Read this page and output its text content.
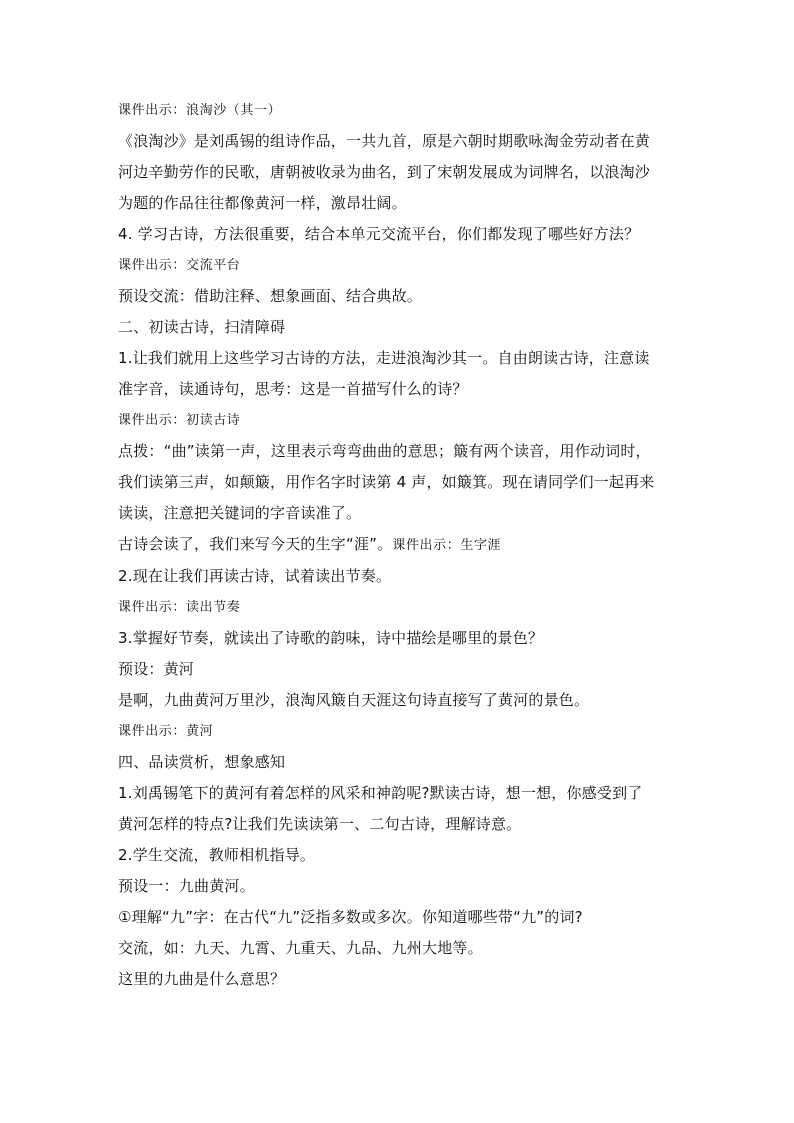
课件出示：浪淘沙（其一）
《浪淘沙》是刘禹锡的组诗作品，一共九首，原是六朝时期歌咏淘金劳动者在黄
河边辛勤劳作的民歌，唐朝被收录为曲名，到了宋朝发展成为词牌名，以浪淘沙
为题的作品往往都像黄河一样，激昂壮阔。
4. 学习古诗，方法很重要，结合本单元交流平台，你们都发现了哪些好方法？
课件出示：交流平台
预设交流：借助注释、想象画面、结合典故。
二、初读古诗，扫清障碍
1.让我们就用上这些学习古诗的方法，走进浪淘沙其一。自由朗读古诗，注意读
准字音，读通诗句，思考：这是一首描写什么的诗？
课件出示：初读古诗
点拨：“曲”读第一声，这里表示弯弯曲曲的意思；簸有两个读音，用作动词时，
我们读第三声，如颠簸，用作名字时读第 4 声，如簸箕。现在请同学们一起再来
读读，注意把关键词的字音读准了。
古诗会读了，我们来写今天的生字“涯”。课件出示：生字涯
2.现在让我们再读古诗，试着读出节奏。
课件出示：读出节奏
3.掌握好节奏，就读出了诗歌的韵味，诗中描绘是哪里的景色？
预设：黄河
是啊，九曲黄河万里沙，浪淘风簸自天涯这句诗直接写了黄河的景色。
课件出示：黄河
四、品读赏析，想象感知
1.刘禹锡笔下的黄河有着怎样的风采和神韵呢?默读古诗，想一想，你感受到了
黄河怎样的特点?让我们先读读第一、二句古诗，理解诗意。
2.学生交流，教师相机指导。
预设一：九曲黄河。
①理解“九”字：在古代“九”泛指多数或多次。你知道哪些带“九”的词?
交流，如：九天、九霄、九重天、九品、九州大地等。
这里的九曲是什么意思？
